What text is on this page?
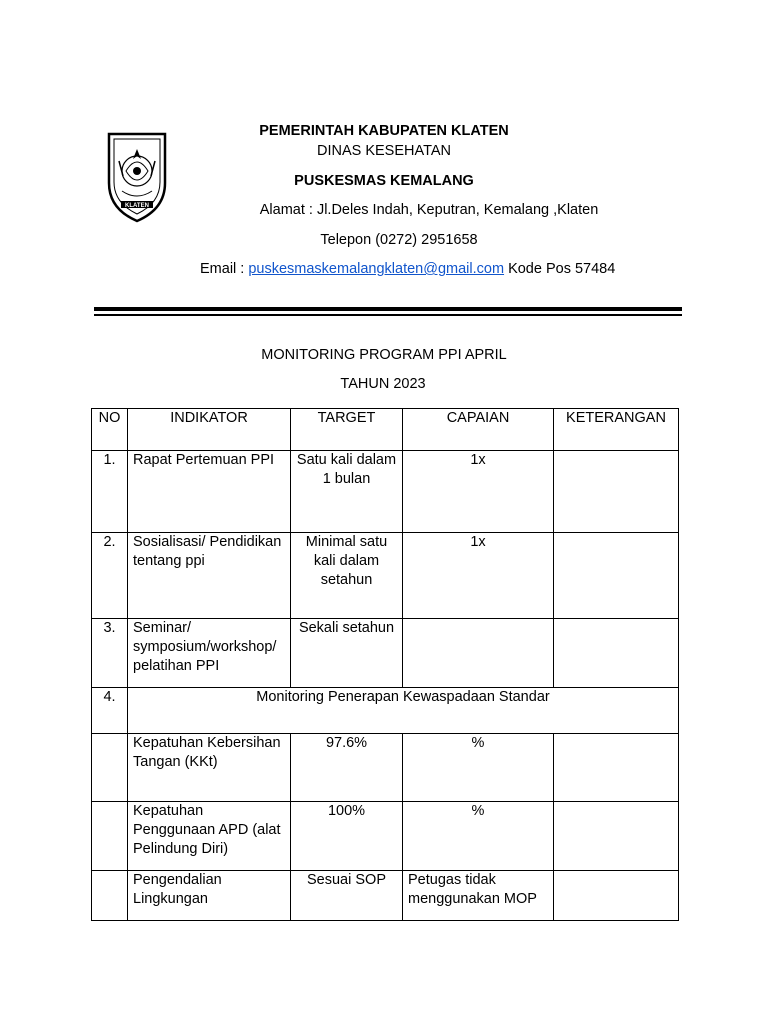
KLATEN
PEMERINTAH KABUPATEN KLATEN
DINAS KESEHATAN
PUSKESMAS KEMALANG
Alamat : Jl.Deles Indah, Keputran, Kemalang ,Klaten
Telepon (0272) 2951658
Email : puskesmaskemalangklaten@gmail.com Kode Pos 57484
MONITORING PROGRAM PPI APRIL
TAHUN 2023
NO	INDIKATOR	TARGET	CAPAIAN	KETERANGAN
1.	Rapat Pertemuan PPI	Satu kali dalam 1 bulan	1x	
2.	Sosialisasi/ Pendidikan tentang ppi	Minimal satu kali dalam setahun	1x	
3.	Seminar/ symposium/workshop/ pelatihan PPI	Sekali setahun		
4.	Monitoring Penerapan Kewaspadaan Standar			
	Kepatuhan Kebersihan Tangan (KKt)	97.6%	%	
	Kepatuhan Penggunaan APD (alat Pelindung Diri)	100%	%	
	Pengendalian Lingkungan	Sesuai SOP	Petugas tidak menggunakan MOP	
